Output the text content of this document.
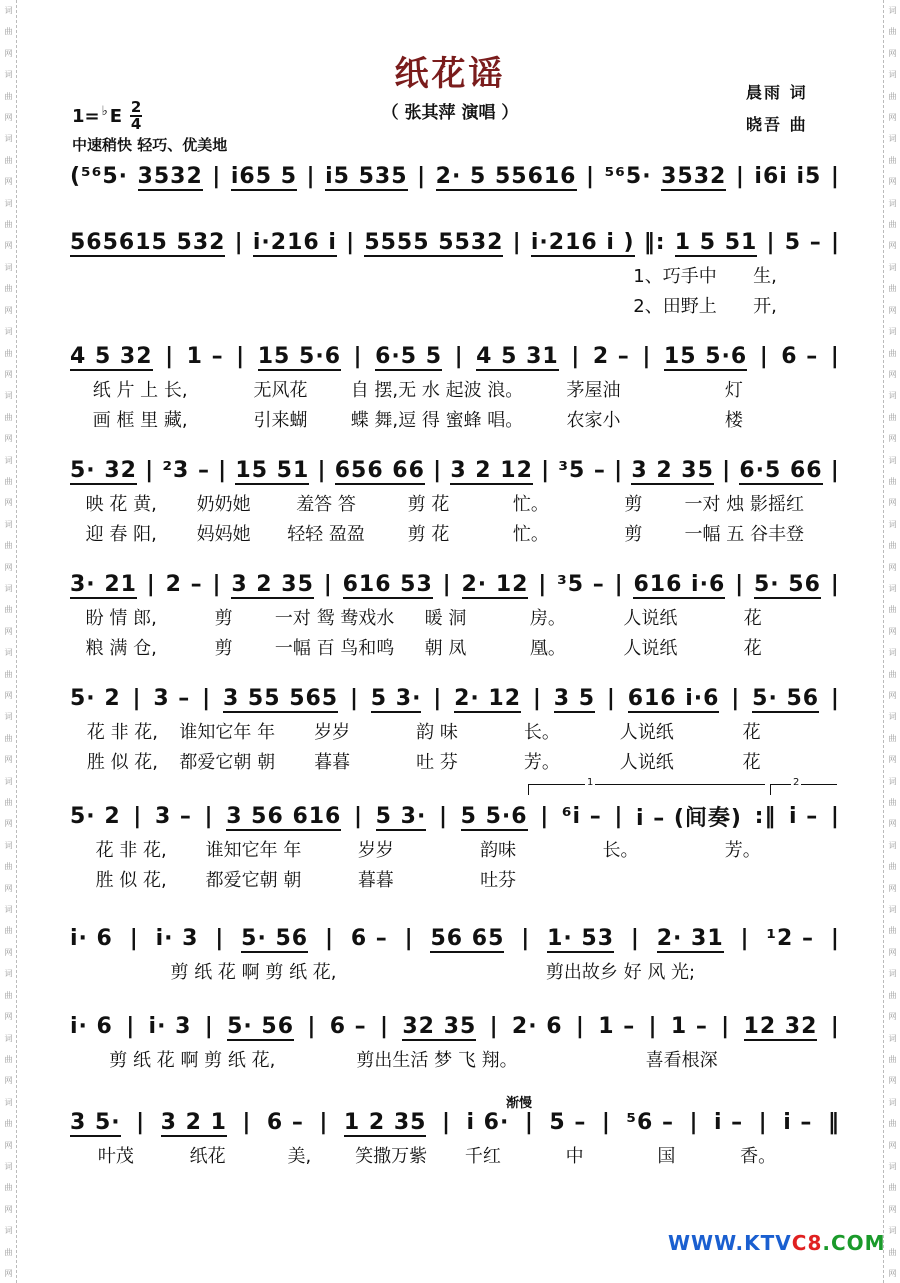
词
曲
网
词
曲
网
词
曲
网
词
曲
网
词
曲
网
词
曲
网
词
曲
网
词
曲
网
词
曲
网
词
曲
网
词
曲
网
词
曲
网
词
曲
网
词
曲
网
词
曲
网
词
曲
网
词
曲
网
词
曲
网
词
曲
网
词
曲
网
词
曲
网
词
曲
网
词
曲
网
词
曲
网
词
曲
网
词
曲
网
词
曲
网
词
曲
网
词
曲
网
词
曲
网
词
曲
网
词
曲
网
词
曲
网
词
曲
网
词
曲
网
词
曲
网
词
曲
网
词
曲
网
词
曲
网
词
曲
网
纸花谣
（ 张其萍 演唱 ）
晨雨 词
晓吾 曲
1= ♭ E $\frac{2}{4}$
中速稍快 轻巧、优美地
(⁵⁶5· 3532 | i65 5 | i5 535 | 2· 5 55616 | ⁵⁶5· 3532 | i6i i5 |
565615 532 | i·216 i | 5555 5532 | i·216 i ) ‖: 1 5 51 | 5 – |
1、巧手中	生,
2、田野上	开,
4 5 32 | 1 – | 15 5·6 | 6·5 5 | 4 5 31 | 2 – | 15 5·6 | 6 – |
纸 片 上 长,	无风花	自 摆,无 水 起波 浪。	茅屋油	灯
画 框 里 藏,	引来蝴	蝶 舞,逗 得 蜜蜂 唱。	农家小	楼
5· 32 | ²3 – | 15 51 | 656 66 | 3 2 12 | ³5 – | 3 2 35 | 6·5 66 |
映 花 黄,	奶奶她	羞答 答	剪 花	忙。	剪	一对 烛 影摇红
迎 春 阳,	妈妈她	轻轻 盈盈	剪 花	忙。	剪	一幅 五 谷丰登
3· 21 | 2 – | 3 2 35 | 616 53 | 2· 12 | ³5 – | 616 i·6 | 5· 56 |
盼 情 郎,	剪	一对 鸳 鸯戏水	暖 洞	房。	人说纸	花
粮 满 仓,	剪	一幅 百 鸟和鸣	朝 凤	凰。	人说纸	花
5· 2 | 3 – | 3 55 565 | 5 3· | 2· 12 | 3 5 | 616 i·6 | 5· 56 |
花 非 花,	谁知它年 年	岁岁	韵 味	长。	人说纸	花
胜 似 花,	都爱它朝 朝	暮暮	吐 芬	芳。	人说纸	花
5· 2 | 3 – | 3 56 616 | 5 3· | 5 5·6 | ⁶i – | i – (间奏) :‖ i – |
花 非 花,	谁知它年 年	岁岁	韵味	长。	芳。
胜 似 花,	都爱它朝 朝	暮暮	吐芬
i· 6 | i· 3 | 5· 56 | 6 – | 56 65 | 1· 53 | 2· 31 | ¹2 – |
剪 纸 花 啊 剪 纸 花,	剪出故乡 好 风 光;
i· 6 | i· 3 | 5· 56 | 6 – | 32 35 | 2· 6 | 1 – | 1 – | 12 32 |
剪 纸 花 啊 剪 纸 花,	剪出生活 梦 飞 翔。	喜看根深
3 5· | 3 2 1 | 6 – | 1 2 35 | i 6· | 5 – | ⁵6 – | i – | i – ‖
叶茂	纸花	美,	笑撒万紫	千红	中	国	香。
1	2
渐慢
WWW.KTVC8.COM
